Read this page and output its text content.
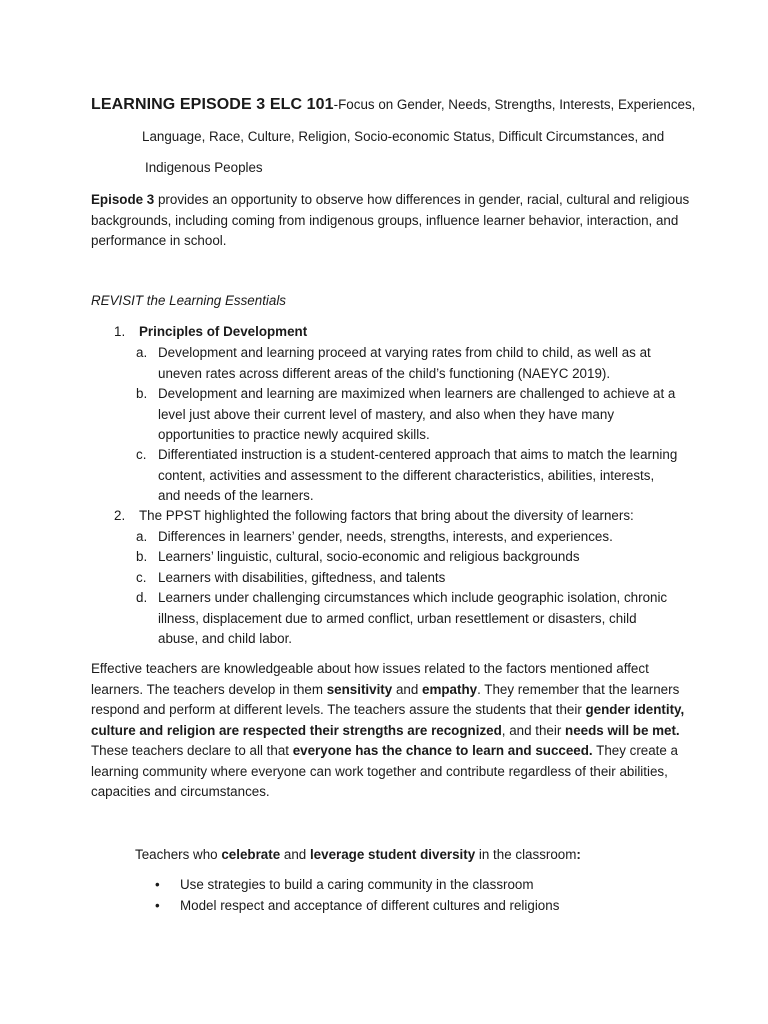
LEARNING EPISODE 3 ELC 101-Focus on Gender, Needs, Strengths, Interests, Experiences,
Language, Race, Culture, Religion, Socio-economic Status, Difficult Circumstances, and
Indigenous Peoples
Episode 3 provides an opportunity to observe how differences in gender, racial, cultural and religious backgrounds, including coming from indigenous groups, influence learner behavior, interaction, and performance in school.
REVISIT the Learning Essentials
1.	Principles of Development
a. Development and learning proceed at varying rates from child to child, as well as at uneven rates across different areas of the child’s functioning (NAEYC 2019).
b. Development and learning are maximized when learners are challenged to achieve at a level just above their current level of mastery, and also when they have many opportunities to practice newly acquired skills.
c. Differentiated instruction is a student-centered approach that aims to match the learning content, activities and assessment to the different characteristics, abilities, interests, and needs of the learners.
2.	The PPST highlighted the following factors that bring about the diversity of learners:
a. Differences in learners’ gender, needs, strengths, interests, and experiences.
b. Learners’ linguistic, cultural, socio-economic and religious backgrounds
c. Learners with disabilities, giftedness, and talents
d. Learners under challenging circumstances which include geographic isolation, chronic illness, displacement due to armed conflict, urban resettlement or disasters, child abuse, and child labor.
Effective teachers are knowledgeable about how issues related to the factors mentioned affect learners. The teachers develop in them sensitivity and empathy. They remember that the learners respond and perform at different levels. The teachers assure the students that their gender identity, culture and religion are respected their strengths are recognized, and their needs will be met. These teachers declare to all that everyone has the chance to learn and succeed. They create a learning community where everyone can work together and contribute regardless of their abilities, capacities and circumstances.
Teachers who celebrate and leverage student diversity in the classroom:
• Use strategies to build a caring community in the classroom
• Model respect and acceptance of different cultures and religions
